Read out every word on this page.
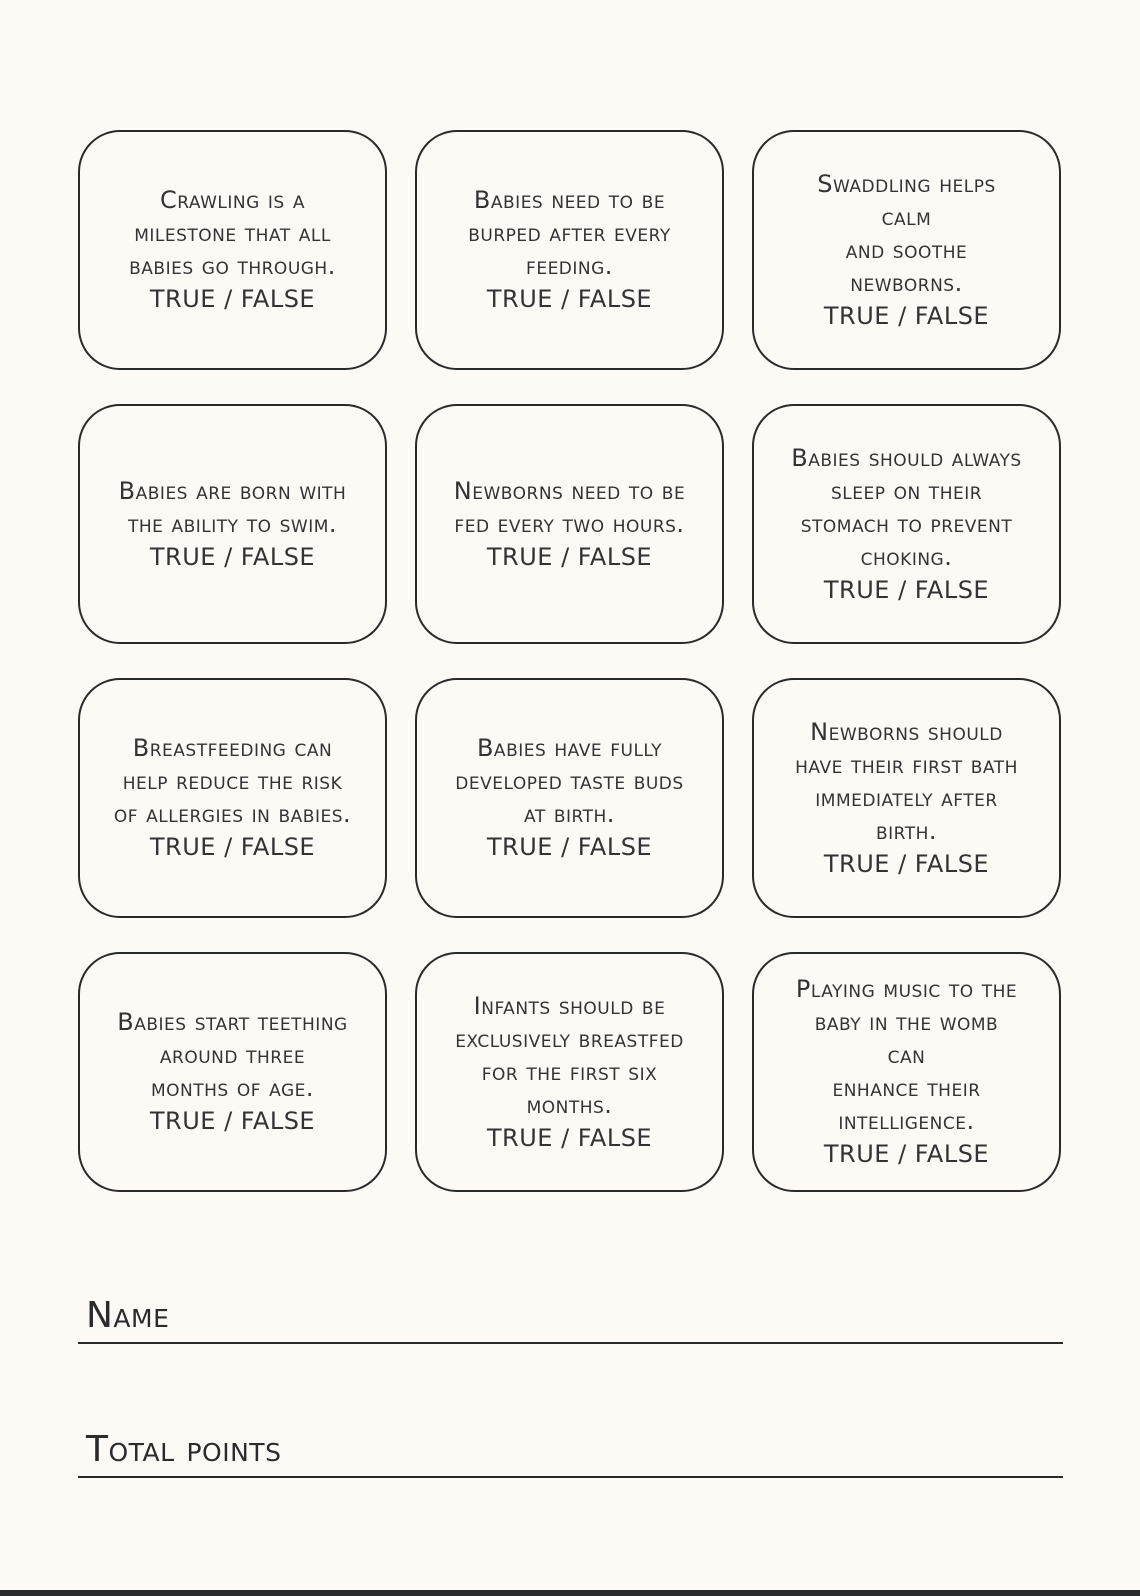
Crawling is a
milestone that all
babies go through.
TRUE / FALSE
Babies need to be
burped after every
feeding.
TRUE / FALSE
Swaddling helps
calm
and soothe
newborns.
TRUE / FALSE
Babies are born with
the ability to swim.
TRUE / FALSE
Newborns need to be
fed every two hours.
TRUE / FALSE
Babies should always
sleep on their
stomach to prevent
choking.
TRUE / FALSE
Breastfeeding can
help reduce the risk
of allergies in babies.
TRUE / FALSE
Babies have fully
developed taste buds
at birth.
TRUE / FALSE
Newborns should
have their first bath
immediately after
birth.
TRUE / FALSE
Babies start teething
around three
months of age.
TRUE / FALSE
Infants should be
exclusively breastfed
for the first six
months.
TRUE / FALSE
Playing music to the
baby in the womb
can
enhance their
intelligence.
TRUE / FALSE
Name
Total points
